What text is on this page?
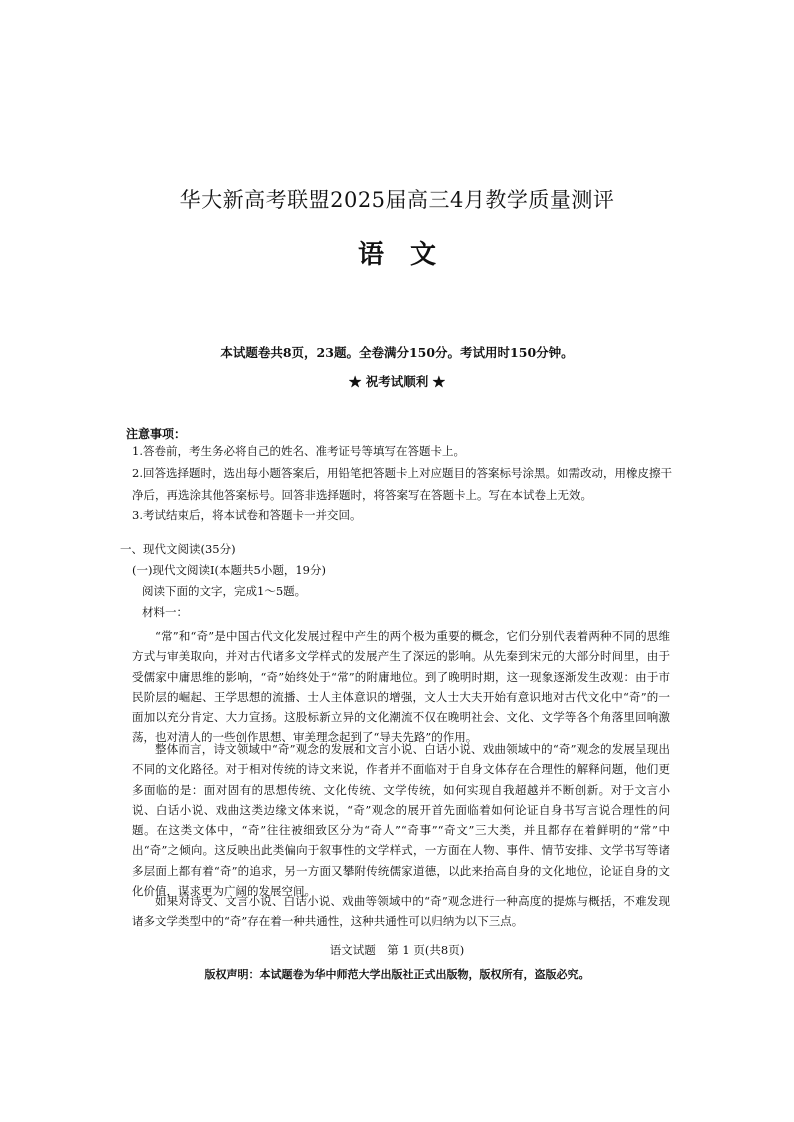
华大新高考联盟2025届高三4月教学质量测评
语文
本试题卷共8页，23题。全卷满分150分。考试用时150分钟。
★ 祝考试顺利 ★
注意事项：
1.答卷前，考生务必将自己的姓名、准考证号等填写在答题卡上。
2.回答选择题时，选出每小题答案后，用铅笔把答题卡上对应题目的答案标号涂黑。如需改动，用橡皮擦干净后，再选涂其他答案标号。回答非选择题时，将答案写在答题卡上。写在本试卷上无效。
3.考试结束后，将本试卷和答题卡一并交回。
一、现代文阅读(35分)
(一)现代文阅读Ⅰ(本题共5小题，19分)
阅读下面的文字，完成1～5题。
材料一：
“常”和“奇”是中国古代文化发展过程中产生的两个极为重要的概念，它们分别代表着两种不同的思维方式与审美取向，并对古代诸多文学样式的发展产生了深远的影响。从先秦到宋元的大部分时间里，由于受儒家中庸思维的影响，“奇”始终处于“常”的附庸地位。到了晚明时期，这一现象逐渐发生改观：由于市民阶层的崛起、王学思想的流播、士人主体意识的增强，文人士大夫开始有意识地对古代文化中“奇”的一面加以充分肯定、大力宣扬。这股标新立异的文化潮流不仅在晚明社会、文化、文学等各个角落里回响激荡，也对清人的一些创作思想、审美理念起到了“导夫先路”的作用。
整体而言，诗文领域中“奇”观念的发展和文言小说、白话小说、戏曲领域中的“奇”观念的发展呈现出不同的文化路径。对于相对传统的诗文来说，作者并不面临对于自身文体存在合理性的解释问题，他们更多面临的是：面对固有的思想传统、文化传统、文学传统，如何实现自我超越并不断创新。对于文言小说、白话小说、戏曲这类边缘文体来说，“奇”观念的展开首先面临着如何论证自身书写言说合理性的问题。在这类文体中，“奇”往往被细致区分为“奇人”“奇事”“奇文”三大类，并且都存在着鲜明的“常”中出“奇”之倾向。这反映出此类偏向于叙事性的文学样式，一方面在人物、事件、情节安排、文学书写等诸多层面上都有着“奇”的追求，另一方面又攀附传统儒家道德，以此来抬高自身的文化地位，论证自身的文化价值，谋求更为广阔的发展空间。
如果对诗文、文言小说、白话小说、戏曲等领域中的“奇”观念进行一种高度的提炼与概括，不难发现诸多文学类型中的“奇”存在着一种共通性，这种共通性可以归纳为以下三点。
语文试题　第 1 页(共8页)
版权声明：本试题卷为华中师范大学出版社正式出版物，版权所有，盗版必究。
